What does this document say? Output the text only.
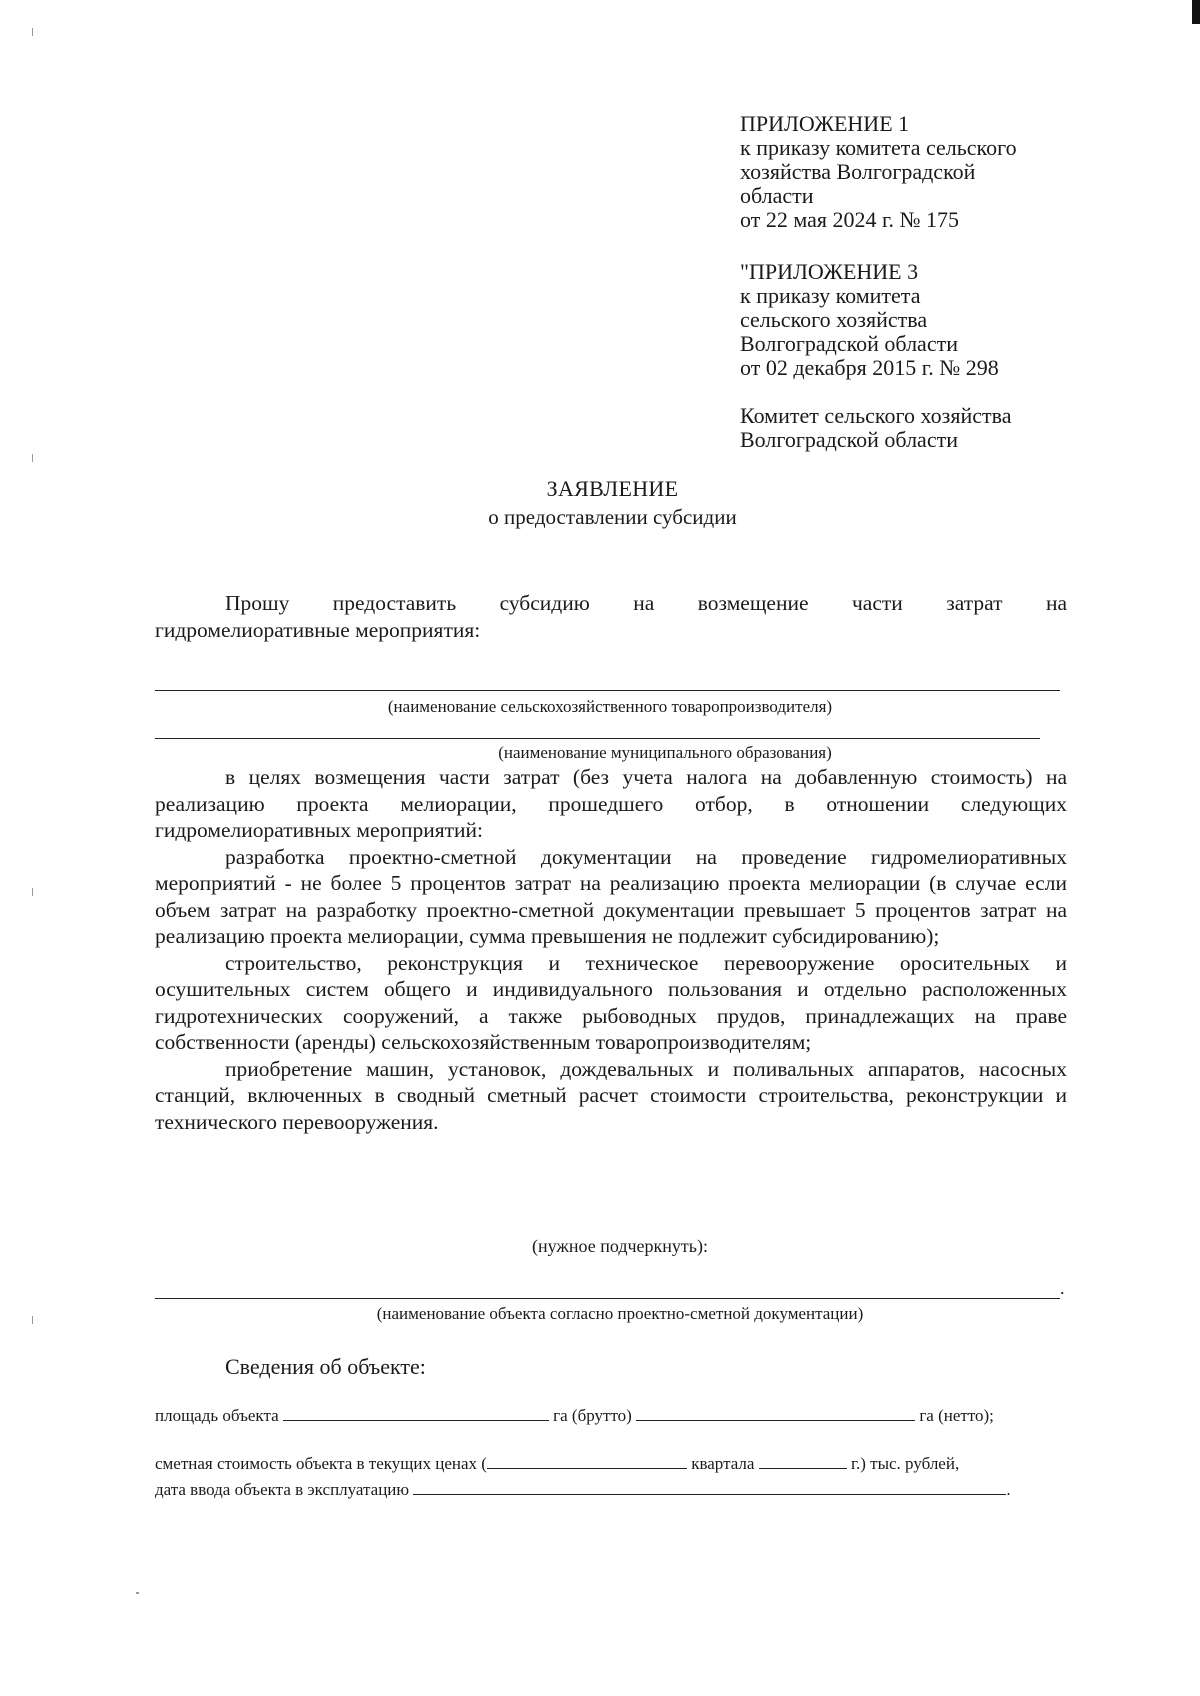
ПРИЛОЖЕНИЕ 1
к приказу комитета сельского
хозяйства Волгоградской
области
от 22 мая 2024 г. № 175
"ПРИЛОЖЕНИЕ 3
к приказу комитета
сельского хозяйства
Волгоградской области
от 02 декабря 2015 г. № 298
Комитет сельского хозяйства
Волгоградской области
ЗАЯВЛЕНИЕ
о предоставлении субсидии
Прошу предоставить субсидию на возмещение части затрат на
гидромелиоративные мероприятия:
(наименование сельскохозяйственного товаропроизводителя)
(наименование муниципального образования)
в целях возмещения части затрат (без учета налога на добавленную стоимость) на реализацию проекта мелиорации, прошедшего отбор, в отношении следующих гидромелиоративных мероприятий:
разработка проектно-сметной документации на проведение гидромелиоративных мероприятий - не более 5 процентов затрат на реализацию проекта мелиорации (в случае если объем затрат на разработку проектно-сметной документации превышает 5 процентов затрат на реализацию проекта мелиорации, сумма превышения не подлежит субсидированию);
строительство, реконструкция и техническое перевооружение оросительных и осушительных систем общего и индивидуального пользования и отдельно расположенных гидротехнических сооружений, а также рыбоводных прудов, принадлежащих на праве собственности (аренды) сельскохозяйственным товаропроизводителям;
приобретение машин, установок, дождевальных и поливальных аппаратов, насосных станций, включенных в сводный сметный расчет стоимости строительства, реконструкции и технического перевооружения.
(нужное подчеркнуть):
.
(наименование объекта согласно проектно-сметной документации)
Сведения об объекте:
площадь объекта	га (брутто)	га (нетто);
сметная стоимость объекта в текущих ценах (	квартала	г.) тыс. рублей,
дата ввода объекта в эксплуатацию	.
